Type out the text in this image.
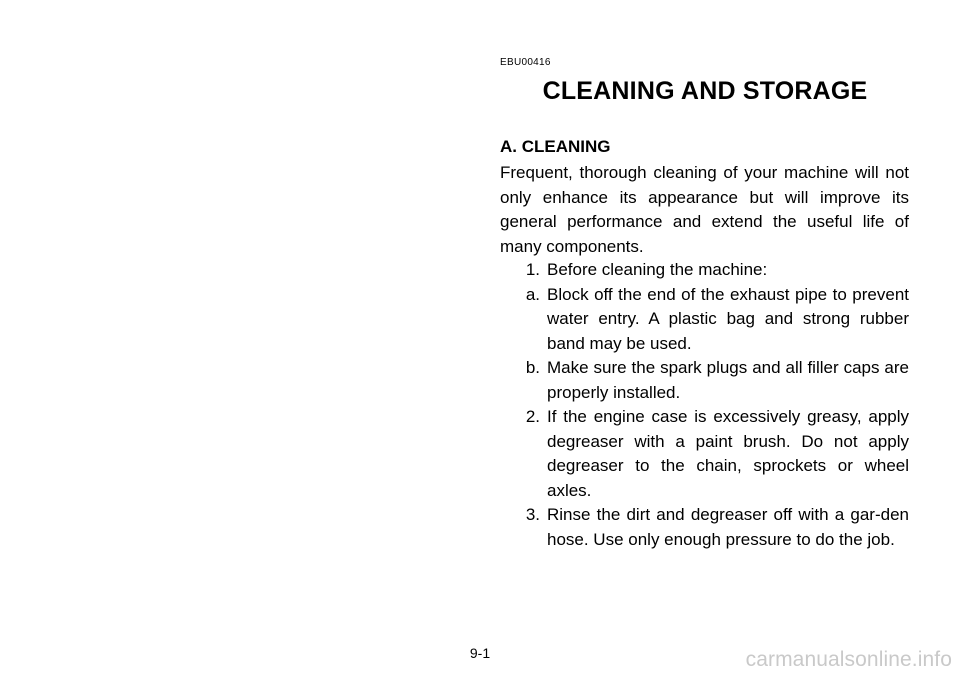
EBU00416
CLEANING AND STORAGE
A. CLEANING

Frequent, thorough cleaning of your machine will not only enhance its appearance but will improve its general performance and extend the useful life of many components.

1. Before cleaning the machine:
a. Block off the end of the exhaust pipe to prevent water entry. A plastic bag and strong rubber band may be used.
b. Make sure the spark plugs and all filler caps are properly installed.
2. If the engine case is excessively greasy, apply degreaser with a paint brush. Do not apply degreaser to the chain, sprockets or wheel axles.
3. Rinse the dirt and degreaser off with a gar-den hose. Use only enough pressure to do the job.
9-1	carmanualsonline.info
